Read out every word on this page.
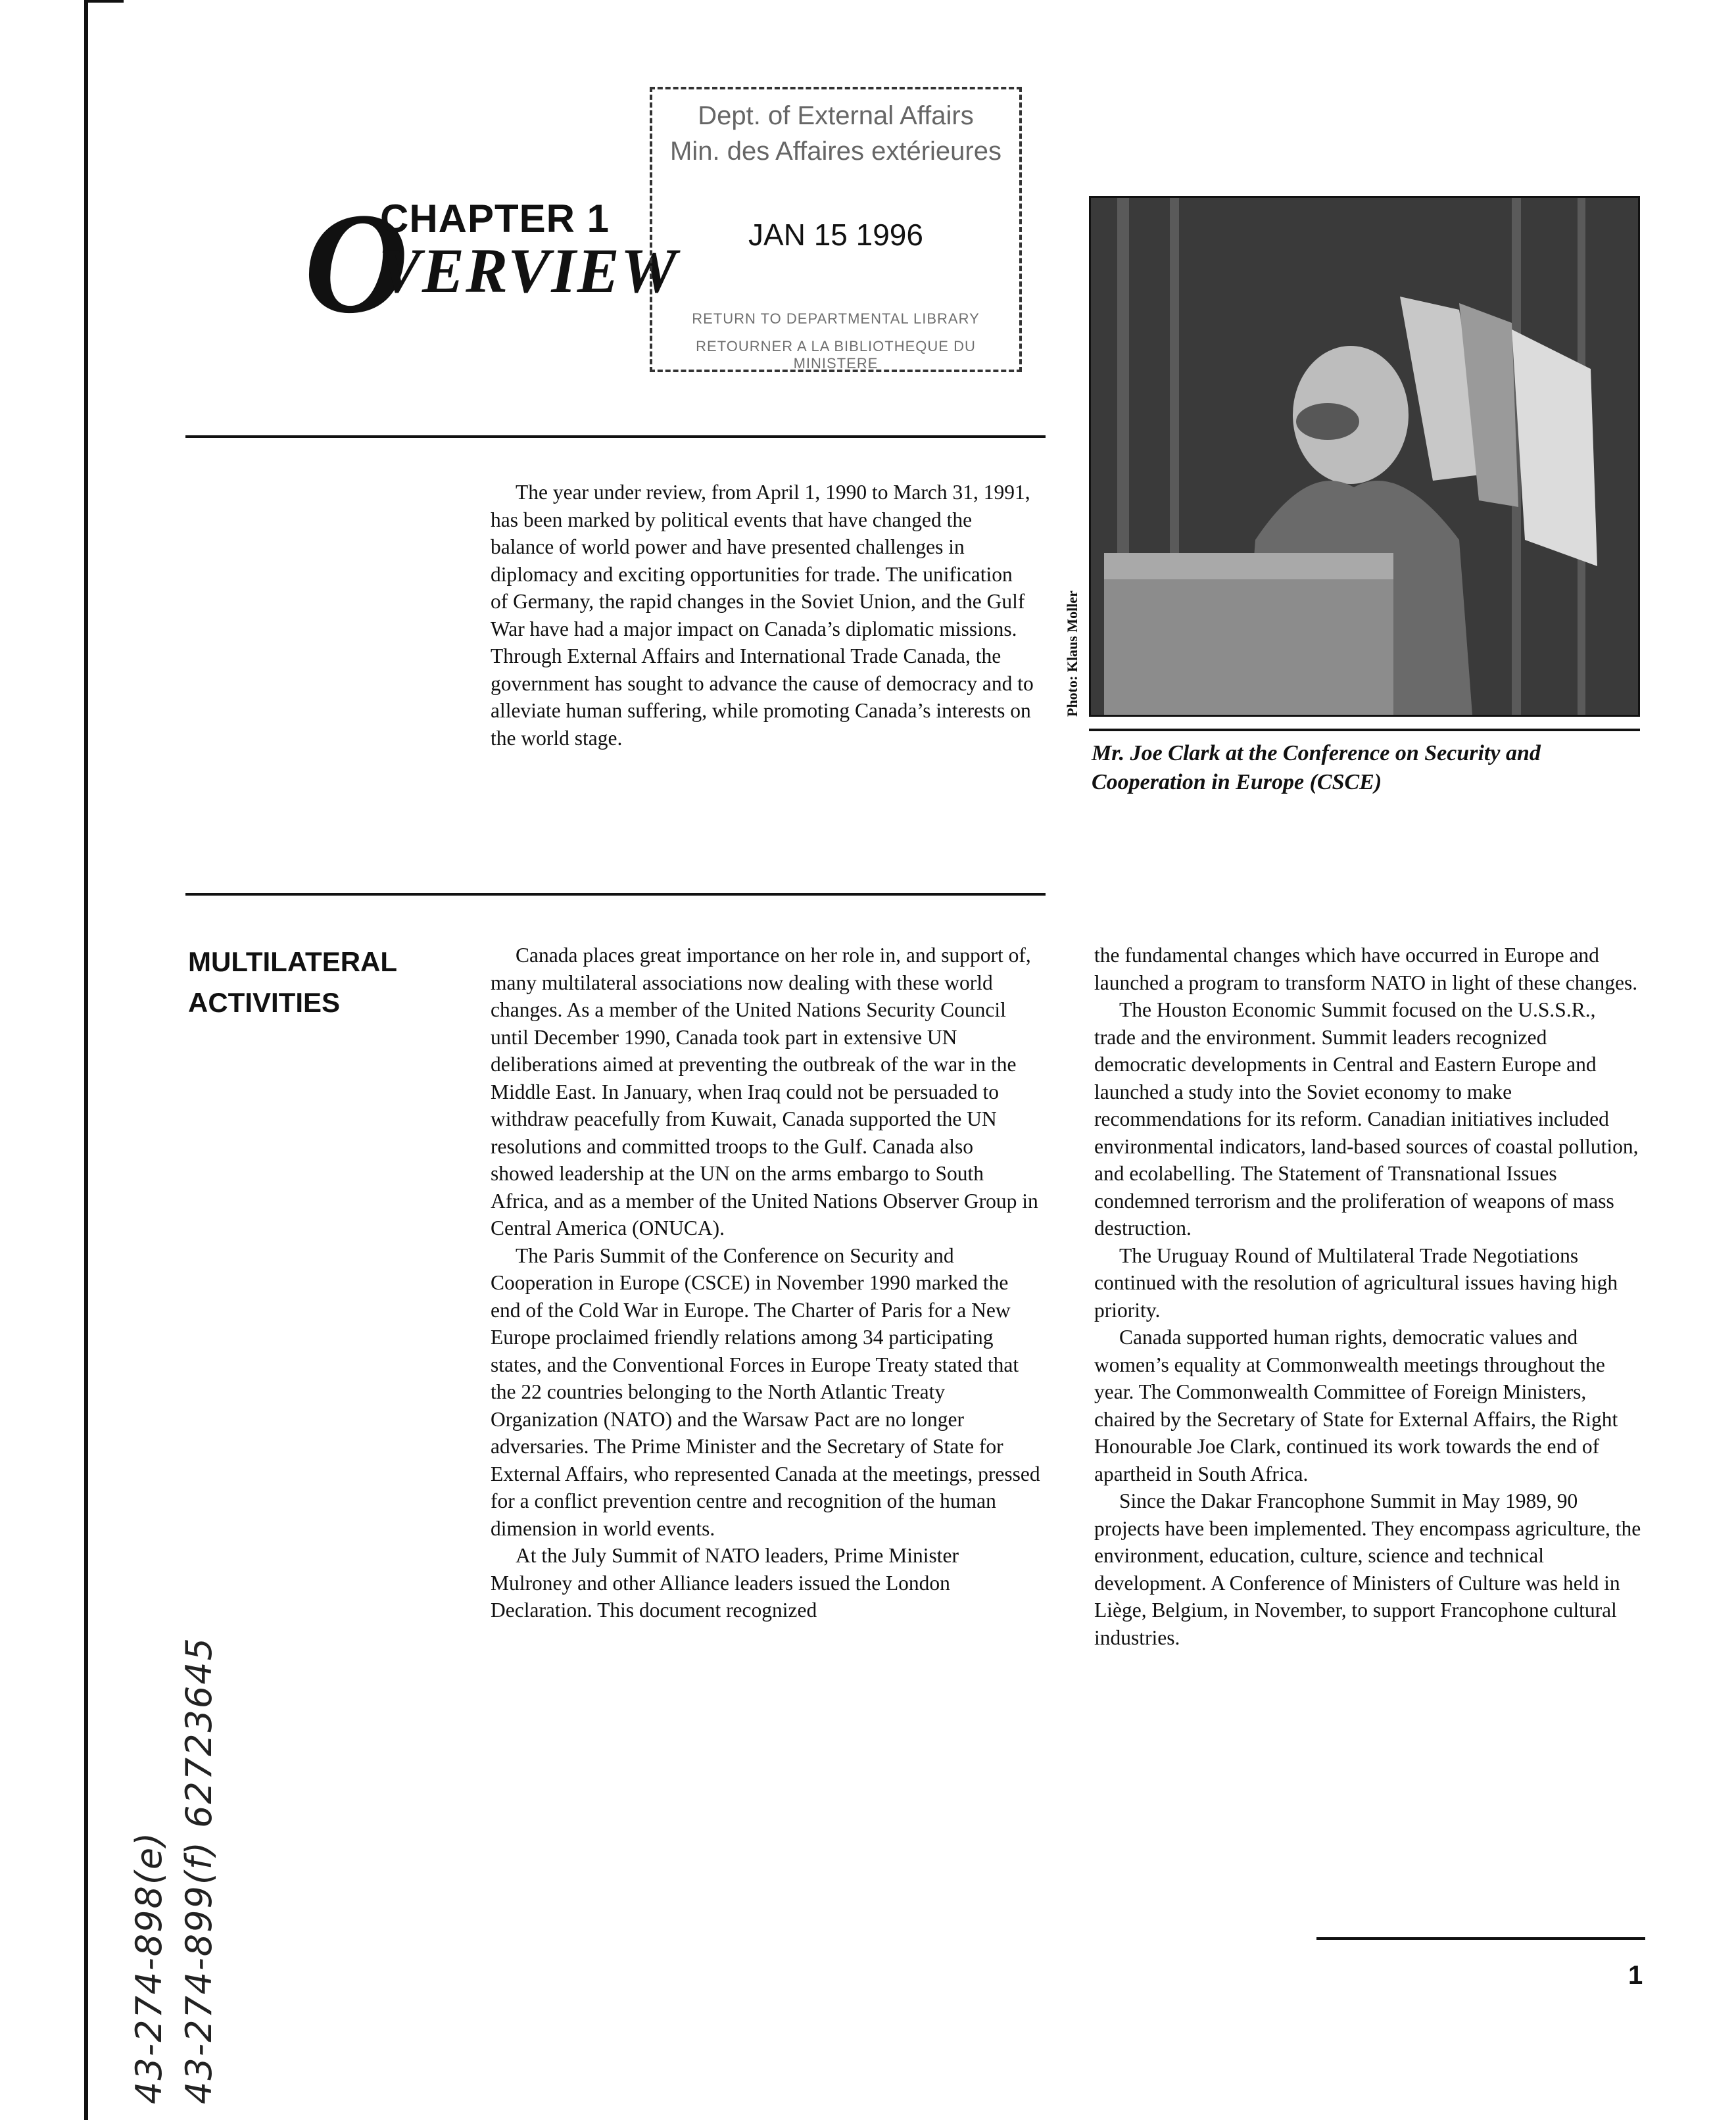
O
CHAPTER 1
VERVIEW
Dept. of External Affairs
Min. des Affaires extérieures
JAN 15 1996
RETURN TO DEPARTMENTAL LIBRARY
RETOURNER A LA BIBLIOTHEQUE DU MINISTERE

The year under review, from April 1, 1990 to March 31, 1991, has been marked by political events that have changed the balance of world power and have presented challenges in diplomacy and exciting opportunities for trade. The unification of Germany, the rapid changes in the Soviet Union, and the Gulf War have had a major impact on Canada’s diplomatic missions. Through External Affairs and International Trade Canada, the government has sought to advance the cause of democracy and to alleviate human suffering, while promoting Canada’s interests on the world stage.

Photo: Klaus Moller
Mr. Joe Clark at the Conference on Security and Cooperation in Europe (CSCE)
MULTILATERAL
ACTIVITIES

Canada places great importance on her role in, and support of, many multilateral associations now dealing with these world changes. As a member of the United Nations Security Council until December 1990, Canada took part in extensive UN deliberations aimed at preventing the outbreak of the war in the Middle East. In January, when Iraq could not be persuaded to withdraw peacefully from Kuwait, Canada supported the UN resolutions and committed troops to the Gulf. Canada also showed leadership at the UN on the arms embargo to South Africa, and as a member of the United Nations Observer Group in Central America (ONUCA).

The Paris Summit of the Conference on Security and Cooperation in Europe (CSCE) in November 1990 marked the end of the Cold War in Europe. The Charter of Paris for a New Europe proclaimed friendly relations among 34 participating states, and the Conventional Forces in Europe Treaty stated that the 22 countries belonging to the North Atlantic Treaty Organization (NATO) and the Warsaw Pact are no longer adversaries. The Prime Minister and the Secretary of State for External Affairs, who represented Canada at the meetings, pressed for a conflict prevention centre and recognition of the human dimension in world events.

At the July Summit of NATO leaders, Prime Minister Mulroney and other Alliance leaders issued the London Declaration. This document recognized

the fundamental changes which have occurred in Europe and launched a program to transform NATO in light of these changes.

The Houston Economic Summit focused on the U.S.S.R., trade and the environment. Summit leaders recognized democratic developments in Central and Eastern Europe and launched a study into the Soviet economy to make recommendations for its reform. Canadian initiatives included environmental indicators, land-based sources of coastal pollution, and ecolabelling. The Statement of Transnational Issues condemned terrorism and the proliferation of weapons of mass destruction.

The Uruguay Round of Multilateral Trade Negotiations continued with the resolution of agricultural issues having high priority.

Canada supported human rights, democratic values and women’s equality at Commonwealth meetings throughout the year. The Commonwealth Committee of Foreign Ministers, chaired by the Secretary of State for External Affairs, the Right Honourable Joe Clark, continued its work towards the end of apartheid in South Africa.

Since the Dakar Francophone Summit in May 1989, 90 projects have been implemented. They encompass agriculture, the environment, education, culture, science and technical development. A Conference of Ministers of Culture was held in Liège, Belgium, in November, to support Francophone cultural industries.

43-274-898(e) 43-274-899(f) 62723645	1
